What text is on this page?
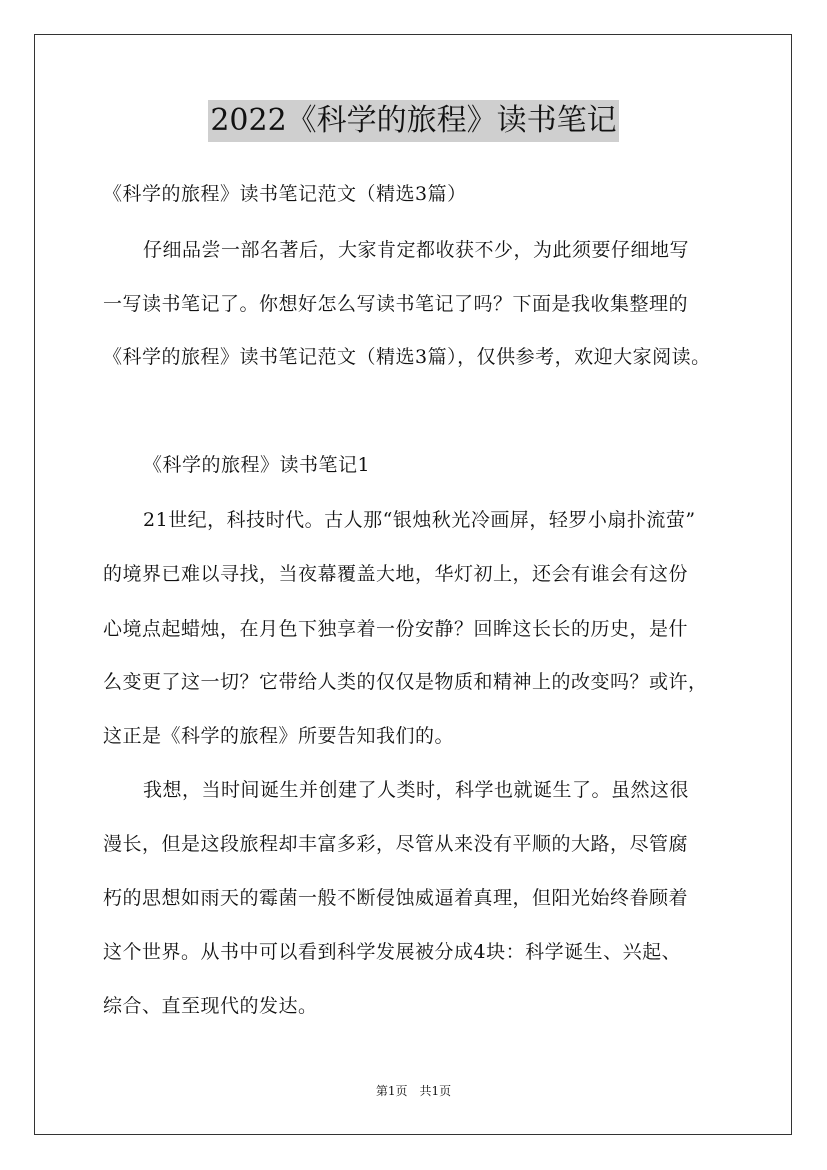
2022《科学的旅程》读书笔记
《科学的旅程》读书笔记范文（精选3篇）
仔细品尝一部名著后，大家肯定都收获不少，为此须要仔细地写
一写读书笔记了。你想好怎么写读书笔记了吗？下面是我收集整理的
《科学的旅程》读书笔记范文（精选3篇），仅供参考，欢迎大家阅读。
《科学的旅程》读书笔记1
21世纪，科技时代。古人那“银烛秋光冷画屏，轻罗小扇扑流萤”
的境界已难以寻找，当夜幕覆盖大地，华灯初上，还会有谁会有这份
心境点起蜡烛，在月色下独享着一份安静？回眸这长长的历史，是什
么变更了这一切？它带给人类的仅仅是物质和精神上的改变吗？或许，
这正是《科学的旅程》所要告知我们的。
我想，当时间诞生并创建了人类时，科学也就诞生了。虽然这很
漫长，但是这段旅程却丰富多彩，尽管从来没有平顺的大路，尽管腐
朽的思想如雨天的霉菌一般不断侵蚀威逼着真理，但阳光始终眷顾着
这个世界。从书中可以看到科学发展被分成4块：科学诞生、兴起、
综合、直至现代的发达。
第1页　共1页
